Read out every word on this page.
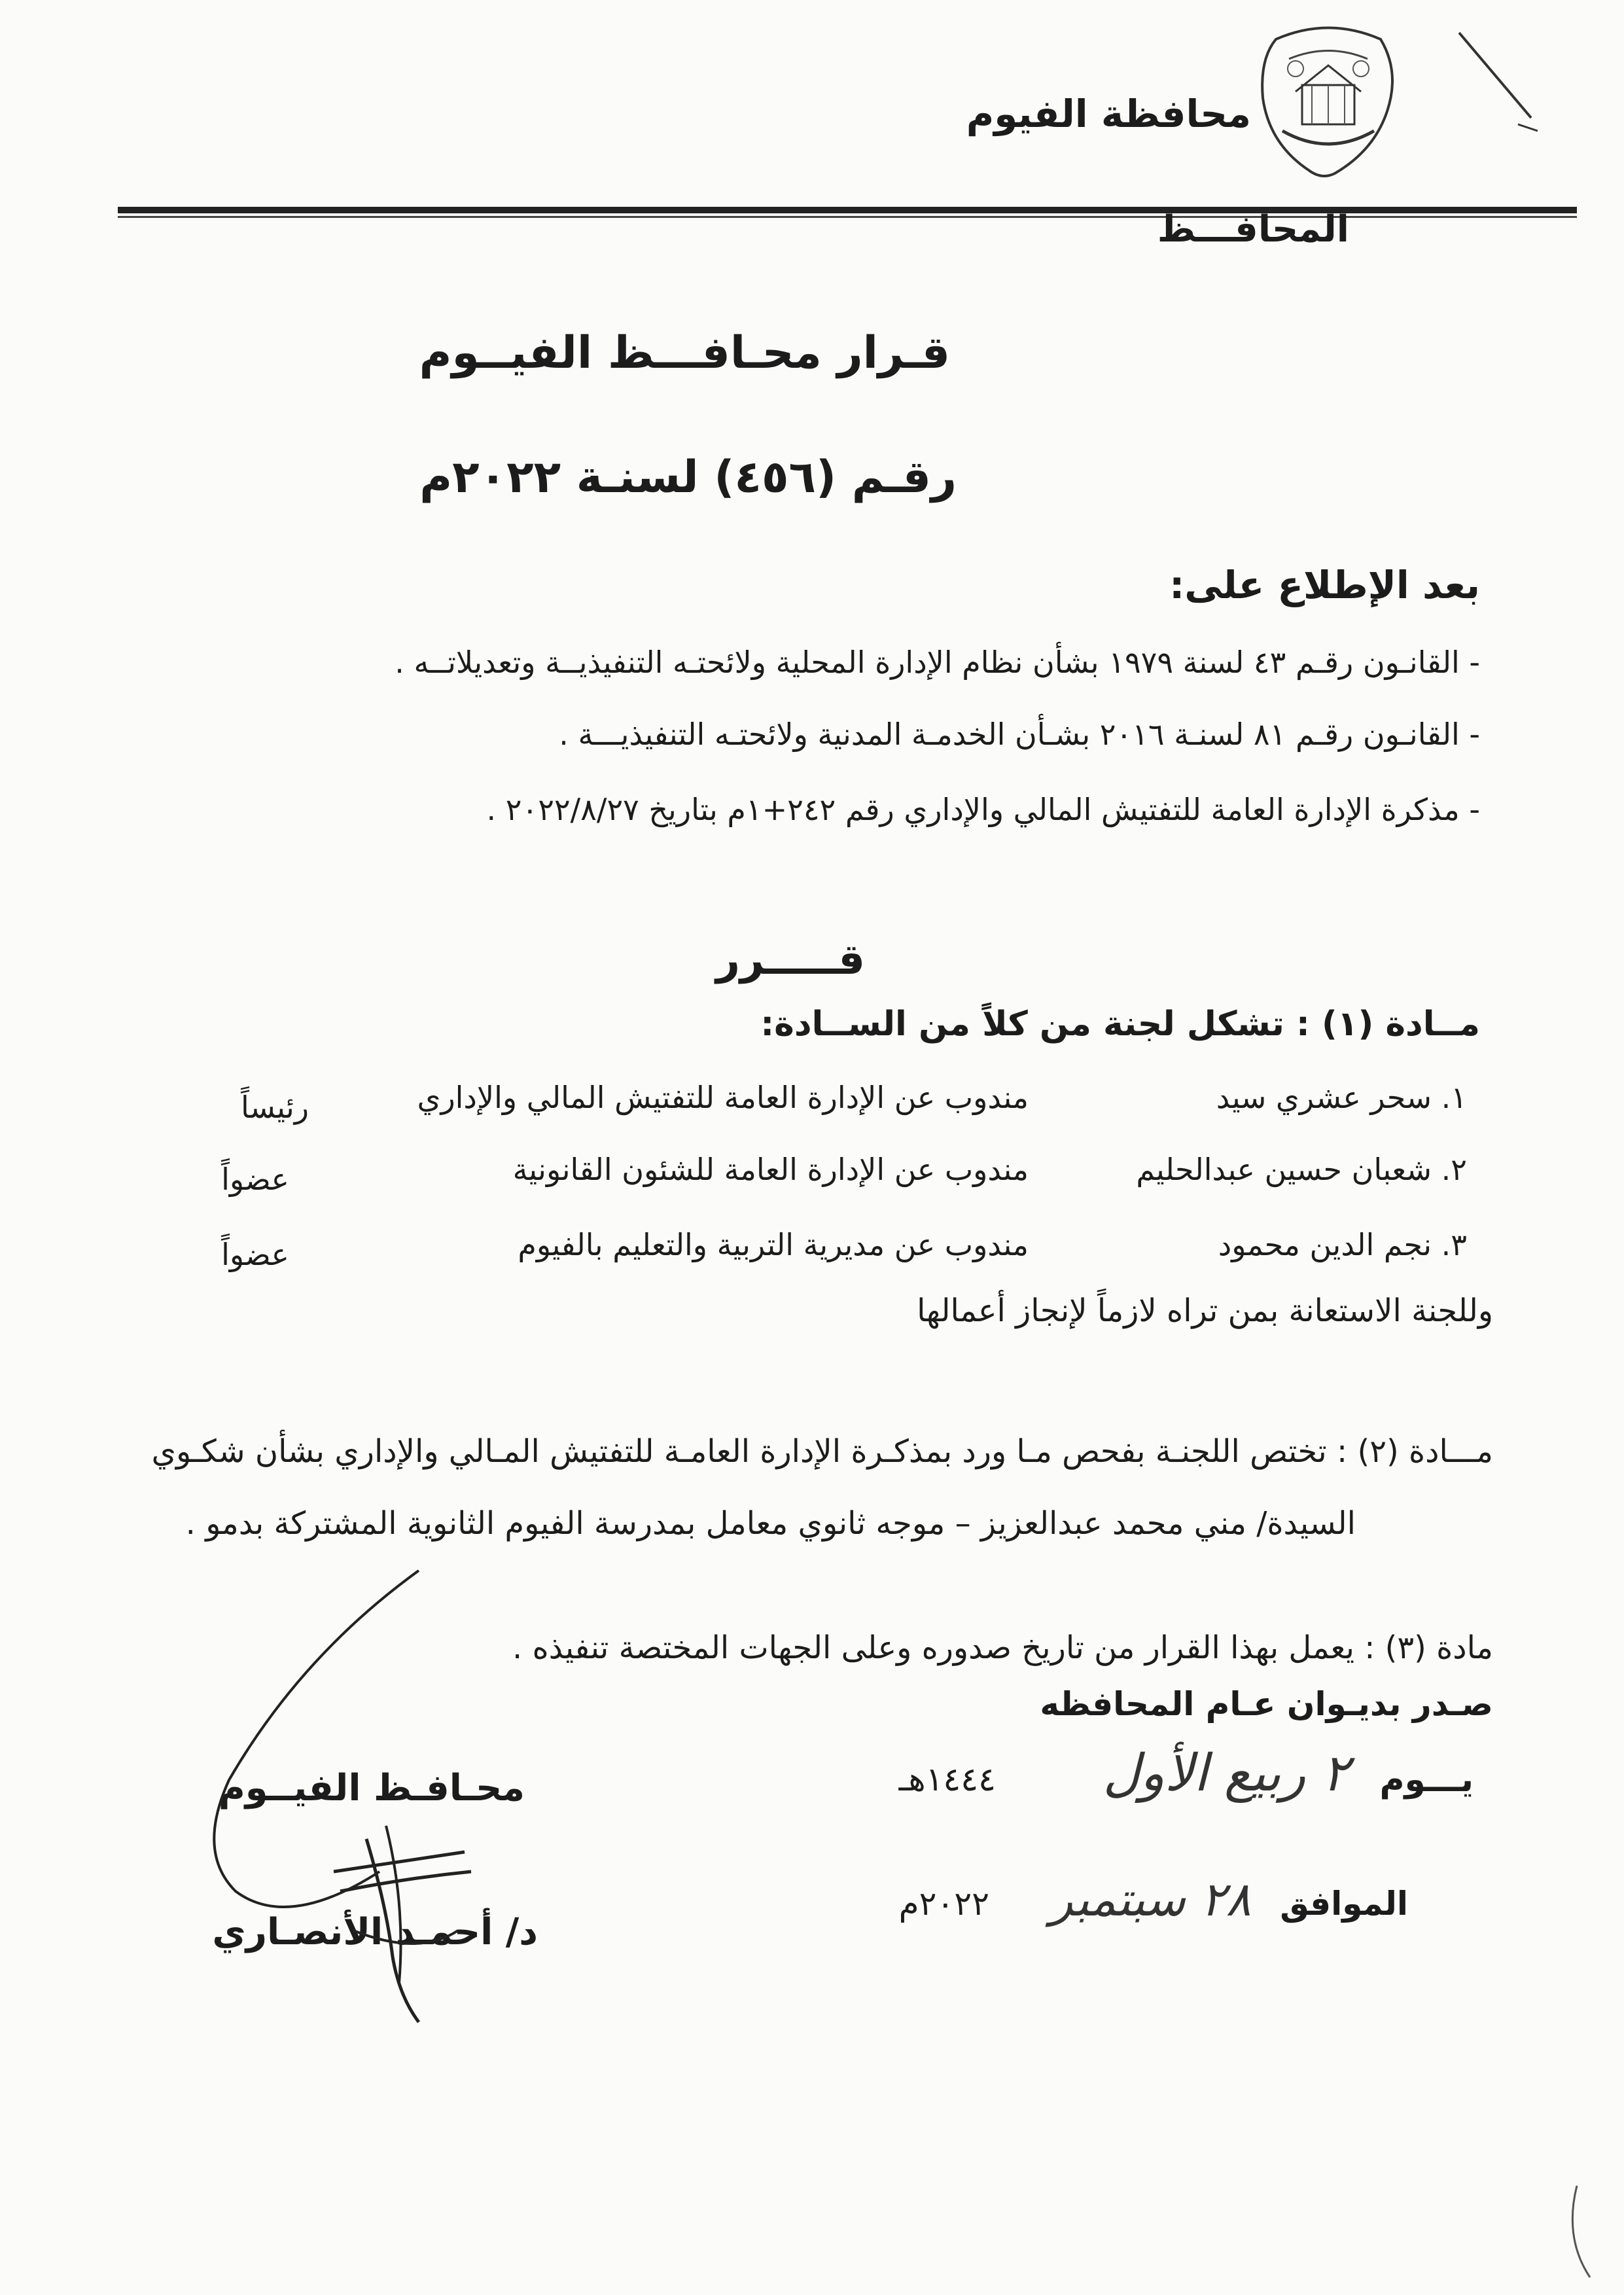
محافظة الفيوم
المحافـــظ
قـرار محـافـــظ الفيــوم
رقـم (٤٥٦) لسنـة ٢٠٢٢م
بعد الإطلاع على:
- القانـون رقـم ٤٣ لسنة ١٩٧٩ بشأن نظام الإدارة المحلية ولائحتـه التنفيذيــة وتعديلاتــه .
- القانـون رقـم ٨١ لسنـة ٢٠١٦ بشـأن الخدمـة المدنية ولائحتـه التنفيذيـــة .
- مذكرة الإدارة العامة للتفتيش المالي والإداري رقم ٢٤٢+١م بتاريخ ٢٠٢٢/٨/٢٧ .
قـــــرر
مــادة (١) : تشكل لجنة من كلاً من الســادة:
١. سحر عشري سيد
مندوب عن الإدارة العامة للتفتيش المالي والإداري
رئيساً
٢. شعبان حسين عبدالحليم
مندوب عن الإدارة العامة للشئون القانونية
عضواً
٣. نجم الدين محمود
مندوب عن مديرية التربية والتعليم بالفيوم
عضواً
وللجنة الاستعانة بمن تراه لازماً لإنجاز أعمالها
مـــادة (٢) : تختص اللجنـة بفحص مـا ورد بمذكـرة الإدارة العامـة للتفتيش المـالي والإداري بشأن شكـوي
السيدة/ مني محمد عبدالعزيز – موجه ثانوي معامل بمدرسة الفيوم الثانوية المشتركة بدمو .
مادة (٣) : يعمل بهذا القرار من تاريخ صدوره وعلى الجهات المختصة تنفيذه .
صـدر بديـوان عـام المحافظه
يـــوم
٢ ربيع الأول
١٤٤٤هـ
الموافق
٢٨ سبتمبر
٢٠٢٢م
محـافـظ الفيــوم
د/ أحمـد الأنصـاري
